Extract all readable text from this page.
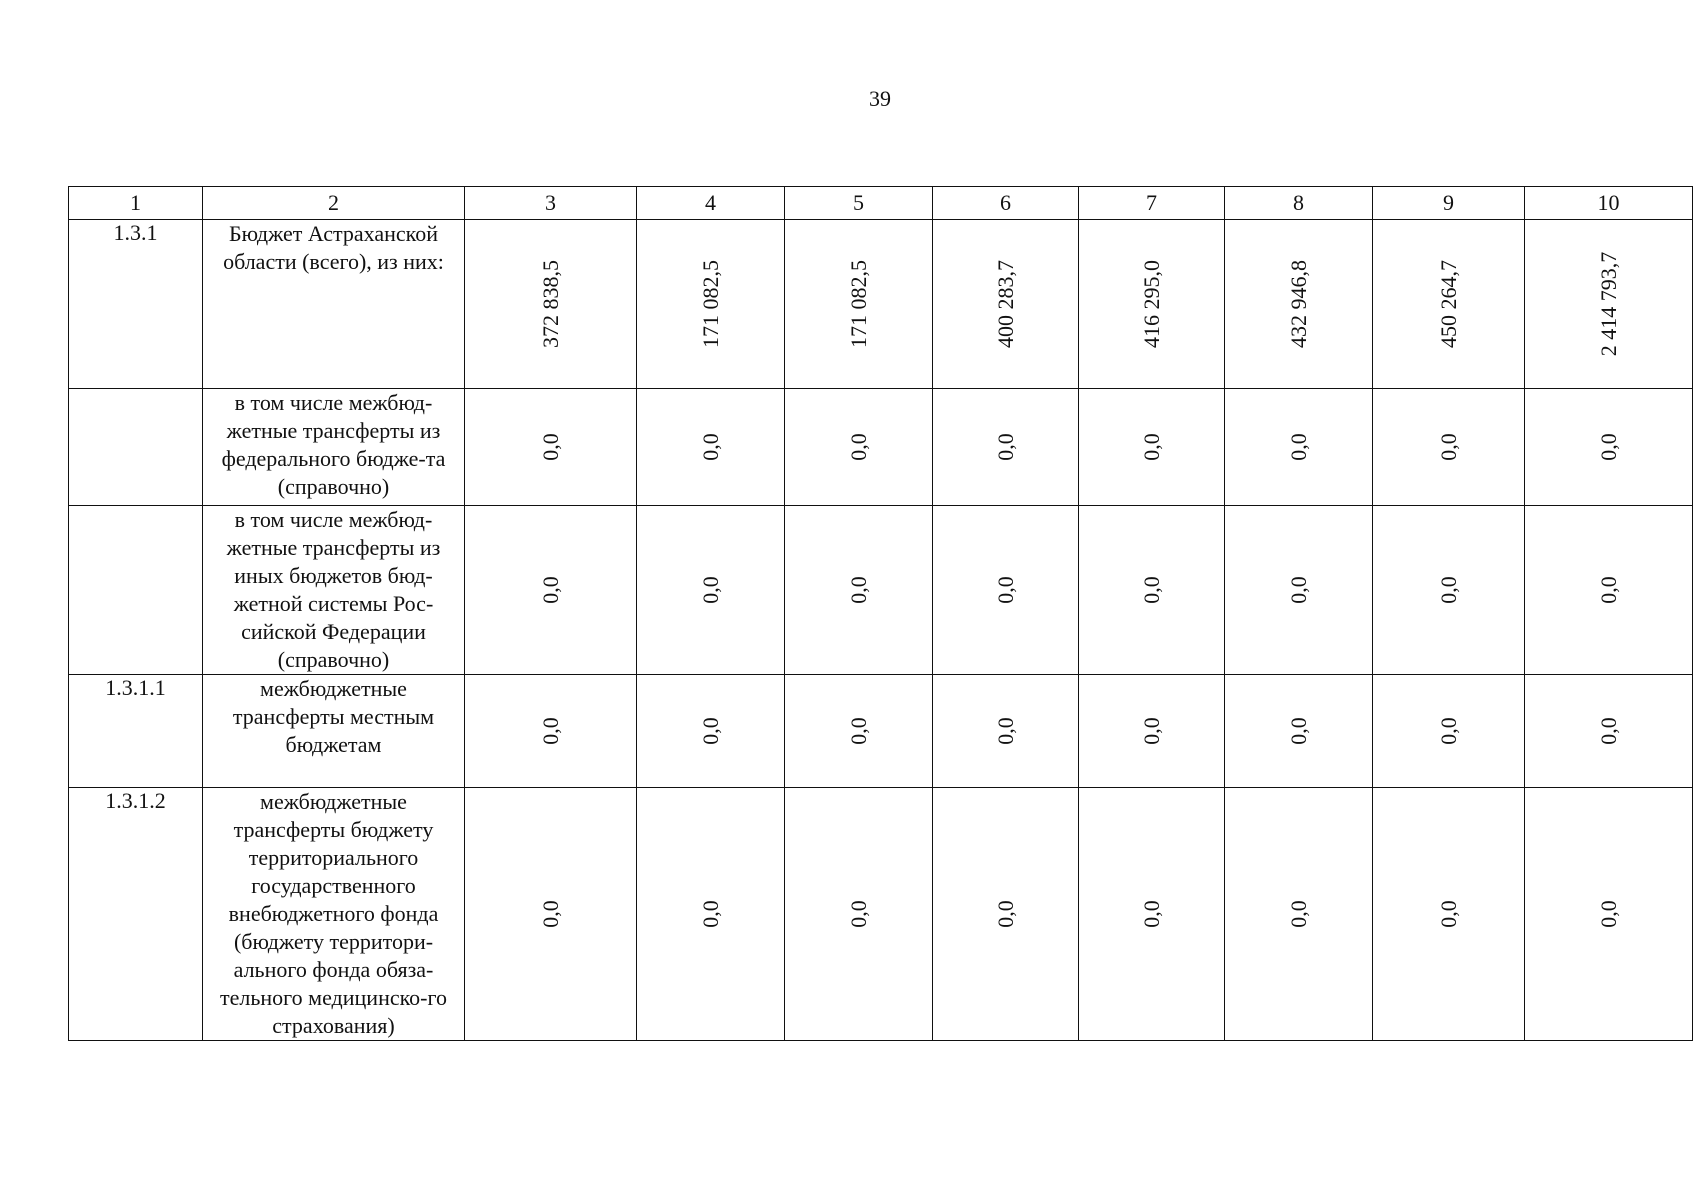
39
1	2	3	4	5	6	7	8	9	10
1.3.1	Бюджет Астраханской области (всего), из них:	372 838,5	171 082,5	171 082,5	400 283,7	416 295,0	432 946,8	450 264,7	2 414 793,7

	в том числе межбюд-жетные трансферты из федерального бюдже-та (справочно)	0,0	0,0	0,0	0,0	0,0	0,0	0,0	0,0

	в том числе межбюд-жетные трансферты из иных бюджетов бюд-жетной системы Рос-сийской Федерации (справочно)	0,0	0,0	0,0	0,0	0,0	0,0	0,0	0,0

1.3.1.1	межбюджетные трансферты местным бюджетам	0,0	0,0	0,0	0,0	0,0	0,0	0,0	0,0

1.3.1.2	межбюджетные трансферты бюджету территориального государственного внебюджетного фонда (бюджету территори-ального фонда обяза-тельного медицинско-го страхования)	0,0	0,0	0,0	0,0	0,0	0,0	0,0	0,0
